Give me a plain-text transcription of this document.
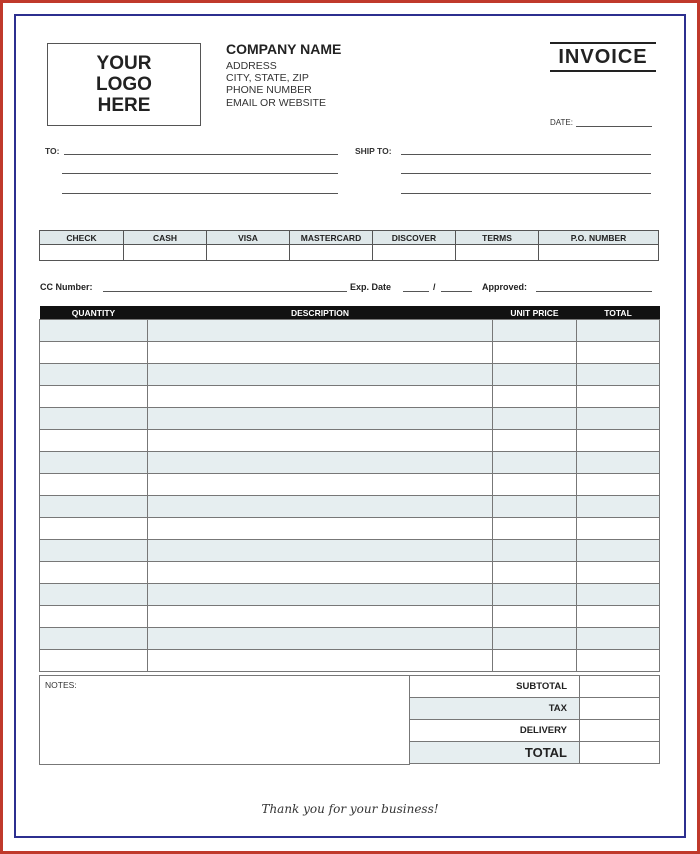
YOUR
LOGO
HERE
COMPANY NAME
ADDRESS
CITY, STATE, ZIP
PHONE NUMBER
EMAIL OR WEBSITE
INVOICE
DATE:
TO:	SHIP TO:
CHECK	CASH	VISA	MASTERCARD	DISCOVER	TERMS	P.O. NUMBER

CC Number:	Exp. Date	/	Approved:
QUANTITY	DESCRIPTION	UNIT PRICE	TOTAL

NOTES:	SUBTOTAL	
TAX	
DELIVERY	
TOTAL	
Thank you for your business!
